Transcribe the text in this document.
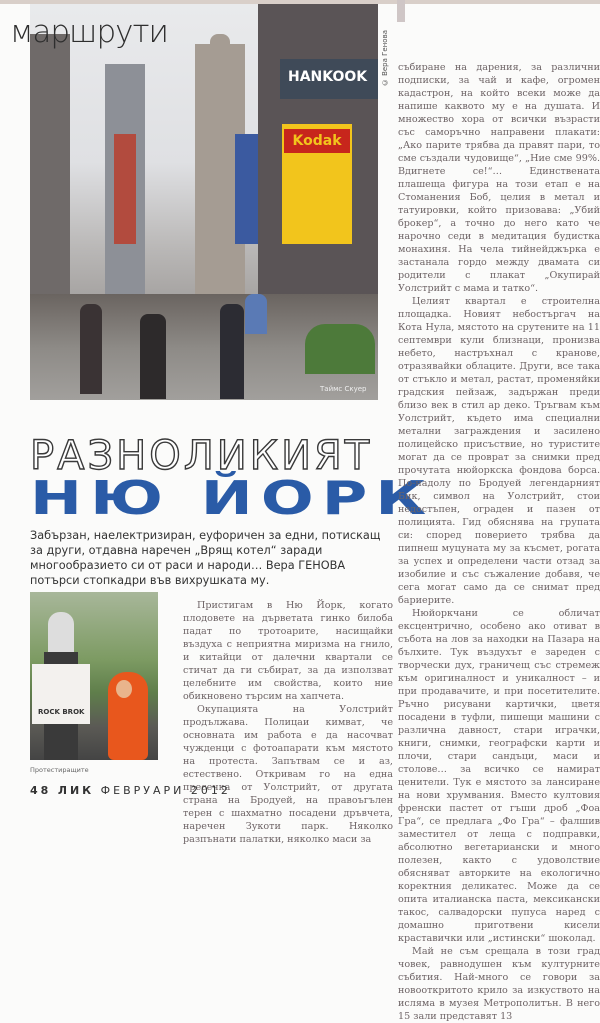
HANKOOK
Kodak
маршрути	© Вера Генова
Таймс Скуер
РАЗНОЛИКИЯТ
НЮ ЙОРК
Забързан, наелектризиран, еуфоричен за едни, потискащ за други, отдавна наречен „Врящ котел“ заради многообразието си от раси и народи… Вера ГЕНОВА потърси стопкадри във вихрушката му.
ROCK BROK
Протестиращите

Пристигам в Ню Йорк, когато плодовете на дърветата гинко билоба падат по тротоарите, насищайки въздуха с неприятна миризма на гнило, и китайци от далечни квартали се стичат да ги събират, за да използват целебните им свойства, които ние обикновено търсим на хапчета.

Окупацията на Уолстрийт продължава. Полицаи кимват, че основната им работа е да насочват чужденци с фотоапарати към мястото на протеста. Запътвам се и аз, естествено. Откривам го на една пресечка от Уолстрийт, от другата страна на Бродуей, на правоъгълен терен с шахматно посадени дръвчета, наречен Зукоти парк. Няколко разпънати палатки, няколко маси за

събиране на дарения, за различни подписки, за чай и кафе, огромен кадастрон, на който всеки може да напише каквото му е на душата. И множество хора от всички възрасти със саморъчно направени плакати: „Ако парите трябва да правят пари, то сме създали чудовище“, „Ние сме 99%. Вдигнете се!“… Единствената плашеща фигура на този етап е на Стоманения Боб, целия в метал и татуировки, който призовава: „Убий брокер“, а точно до него като че нарочно седи в медитация будистка монахиня. На чела тийнейджърка е застанала гордо между двамата си родители с плакат „Окупирай Уолстрийт с мама и татко“.

Целият квартал е строителна площадка. Новият небостъргач на Кота Нула, мястото на срутените на 11 септември кули близнаци, пронизва небето, настръхнал с кранове, отразявайки облаците. Други, все така от стъкло и метал, растат, променяйки градския пейзаж, задържан преди близо век в стил ар деко. Тръгвам към Уолстрийт, където има специални метални заграждения и засилено полицейско присъствие, но туристите могат да се проврат за снимки пред прочутата нюйоркска фондова борса. По-надолу по Бродуей легендарният Бик, символ на Уолстрийт, стои недостъпен, ограден и пазен от полицията. Гид обяснява на групата си: според поверието трябва да пипнеш муцуната му за късмет, рогата за успех и определени части отзад за изобилие и със съжаление добавя, че сега могат само да се снимат пред бариерите.

Нюйоркчани се обличат ексцентрично, особено ако отиват в събота на лов за находки на Пазара на бълхите. Тук въздухът е зареден с творчески дух, граничещ със стремеж към оригиналност и уникалност – и при продавачите, и при посетителите. Ръчно рисувани картички, цветя посадени в туфли, пишещи машини с различна давност, стари играчки, книги, снимки, географски карти и плочи, стари сандъци, маси и столове… за всичко се намират ценители. Тук е мястото за лансиране на нови хрумвания. Вместо култовия френски пастет от гъши дроб „Фоа Гра“, се предлага „Фо Гра“ – фалшив заместител от леща с подправки, абсолютно вегетариански и много полезен, както с удоволствие обясняват авторките на екологично коректния деликатес. Може да се опита италианска паста, мексикански такос, салвадорски пупуса наред с домашно приготвени кисели краставички или „истински“ шоколад.

Май не съм срещала в този град човек, равнодушен към културните събития. Най-много се говори за новооткритото крило за изкуството на исляма в музея Метрополитън. В него 15 зали представят 13

48 ЛИК ФЕВРУАРИ 2012
